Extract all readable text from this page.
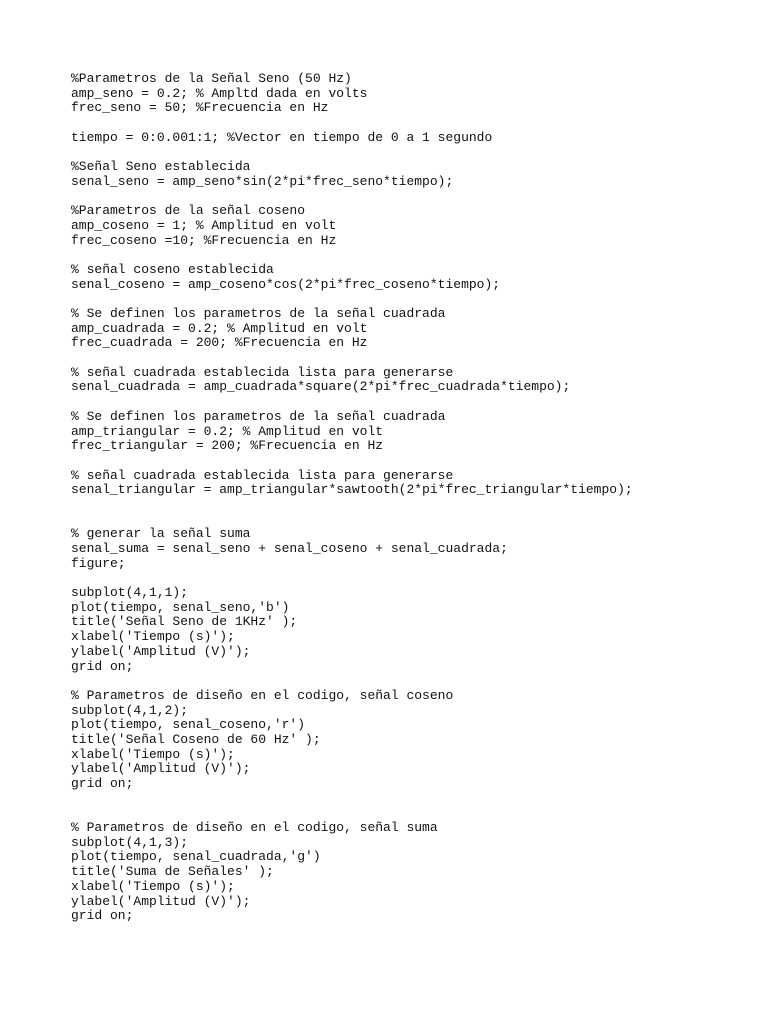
%Parametros de la Señal Seno (50 Hz)
amp_seno = 0.2; % Ampltd dada en volts
frec_seno = 50; %Frecuencia en Hz
tiempo = 0:0.001:1; %Vector en tiempo de 0 a 1 segundo
%Señal Seno establecida
senal_seno = amp_seno*sin(2*pi*frec_seno*tiempo);
%Parametros de la señal coseno
amp_coseno = 1; % Amplitud en volt
frec_coseno =10; %Frecuencia en Hz
% señal coseno establecida
senal_coseno = amp_coseno*cos(2*pi*frec_coseno*tiempo);
% Se definen los parametros de la señal cuadrada
amp_cuadrada = 0.2; % Amplitud en volt
frec_cuadrada = 200; %Frecuencia en Hz
% señal cuadrada establecida lista para generarse
senal_cuadrada = amp_cuadrada*square(2*pi*frec_cuadrada*tiempo);
% Se definen los parametros de la señal cuadrada
amp_triangular = 0.2; % Amplitud en volt
frec_triangular = 200; %Frecuencia en Hz
% señal cuadrada establecida lista para generarse
senal_triangular = amp_triangular*sawtooth(2*pi*frec_triangular*tiempo);
% generar la señal suma
senal_suma = senal_seno + senal_coseno + senal_cuadrada;
figure;
subplot(4,1,1);
plot(tiempo, senal_seno,'b')
title('Señal Seno de 1KHz' );
xlabel('Tiempo (s)');
ylabel('Amplitud (V)');
grid on;
% Parametros de diseño en el codigo, señal coseno
subplot(4,1,2);
plot(tiempo, senal_coseno,'r')
title('Señal Coseno de 60 Hz' );
xlabel('Tiempo (s)');
ylabel('Amplitud (V)');
grid on;
% Parametros de diseño en el codigo, señal suma
subplot(4,1,3);
plot(tiempo, senal_cuadrada,'g')
title('Suma de Señales' );
xlabel('Tiempo (s)');
ylabel('Amplitud (V)');
grid on;
